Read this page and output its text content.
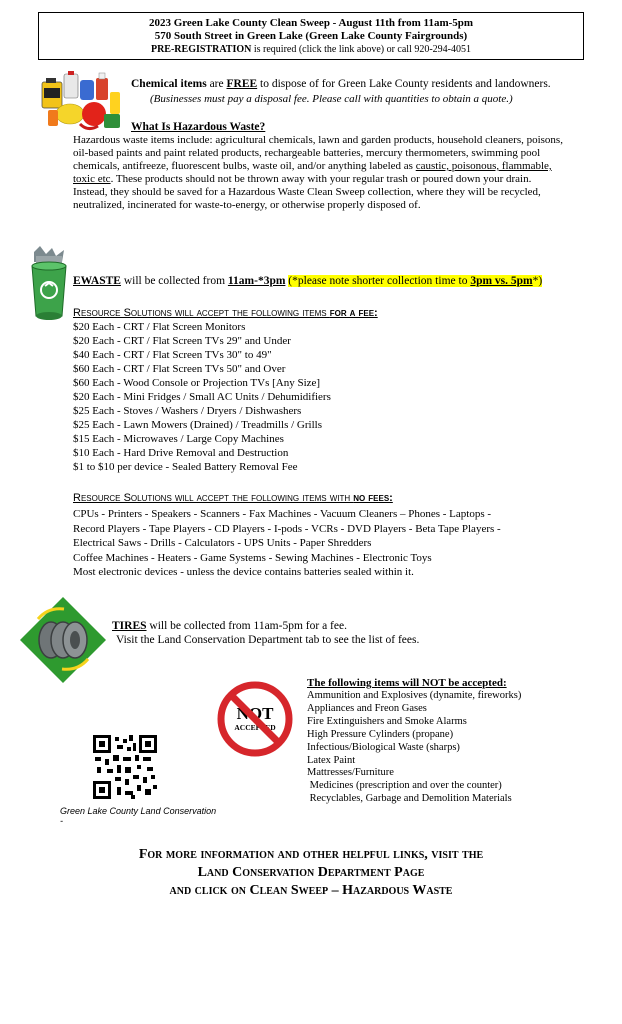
2023 Green Lake County Clean Sweep - August 11th from 11am-5pm
570 South Street in Green Lake (Green Lake County Fairgrounds)
PRE-REGISTRATION is required (click the link above) or call 920-294-4051
Chemical items are FREE to dispose of for Green Lake County residents and landowners.
(Businesses must pay a disposal fee. Please call with quantities to obtain a quote.)
What Is Hazardous Waste?
Hazardous waste items include: agricultural chemicals, lawn and garden products, household cleaners, poisons, oil-based paints and paint related products, rechargeable batteries, mercury thermometers, swimming pool chemicals, antifreeze, fluorescent bulbs, waste oil, and/or anything labeled as caustic, poisonous, flammable, toxic etc. These products should not be thrown away with your regular trash or poured down your drain. Instead, they should be saved for a Hazardous Waste Clean Sweep collection, where they will be recycled, neutralized, incinerated for waste-to-energy, or otherwise properly disposed of.
EWASTE will be collected from 11am-*3pm (*please note shorter collection time to 3pm vs. 5pm*)
Resource Solutions will accept the following items for a fee:
$20 Each - CRT / Flat Screen Monitors
$20 Each - CRT / Flat Screen TVs 29" and Under
$40 Each - CRT / Flat Screen TVs 30" to 49"
$60 Each - CRT / Flat Screen TVs 50" and Over
$60 Each - Wood Console or Projection TVs [Any Size]
$20 Each - Mini Fridges / Small AC Units / Dehumidifiers
$25 Each - Stoves / Washers / Dryers / Dishwashers
$25 Each - Lawn Mowers (Drained) / Treadmills / Grills
$15 Each - Microwaves / Large Copy Machines
$10 Each - Hard Drive Removal and Destruction
$1 to $10 per device - Sealed Battery Removal Fee
Resource Solutions will accept the following items with no fees:
CPUs - Printers - Speakers - Scanners - Fax Machines - Vacuum Cleaners – Phones - Laptops -
Record Players - Tape Players - CD Players - I-pods - VCRs - DVD Players - Beta Tape Players -
Electrical Saws - Drills - Calculators - UPS Units - Paper Shredders
Coffee Machines - Heaters - Game Systems - Sewing Machines - Electronic Toys
Most electronic devices - unless the device contains batteries sealed within it.
TIRES will be collected from 11am-5pm for a fee.
Visit the Land Conservation Department tab to see the list of fees.
NOT
ACCEPTED
The following items will NOT be accepted:
Ammunition and Explosives (dynamite, fireworks)
Appliances and Freon Gases
Fire Extinguishers and Smoke Alarms
High Pressure Cylinders (propane)
Infectious/Biological Waste (sharps)
Latex Paint
Mattresses/Furniture
Medicines (prescription and over the counter)
Recyclables, Garbage and Demolition Materials
Green Lake County Land Conservation
-
For more information and other helpful links, visit the
Land Conservation Department Page
and click on Clean Sweep – Hazardous Waste
